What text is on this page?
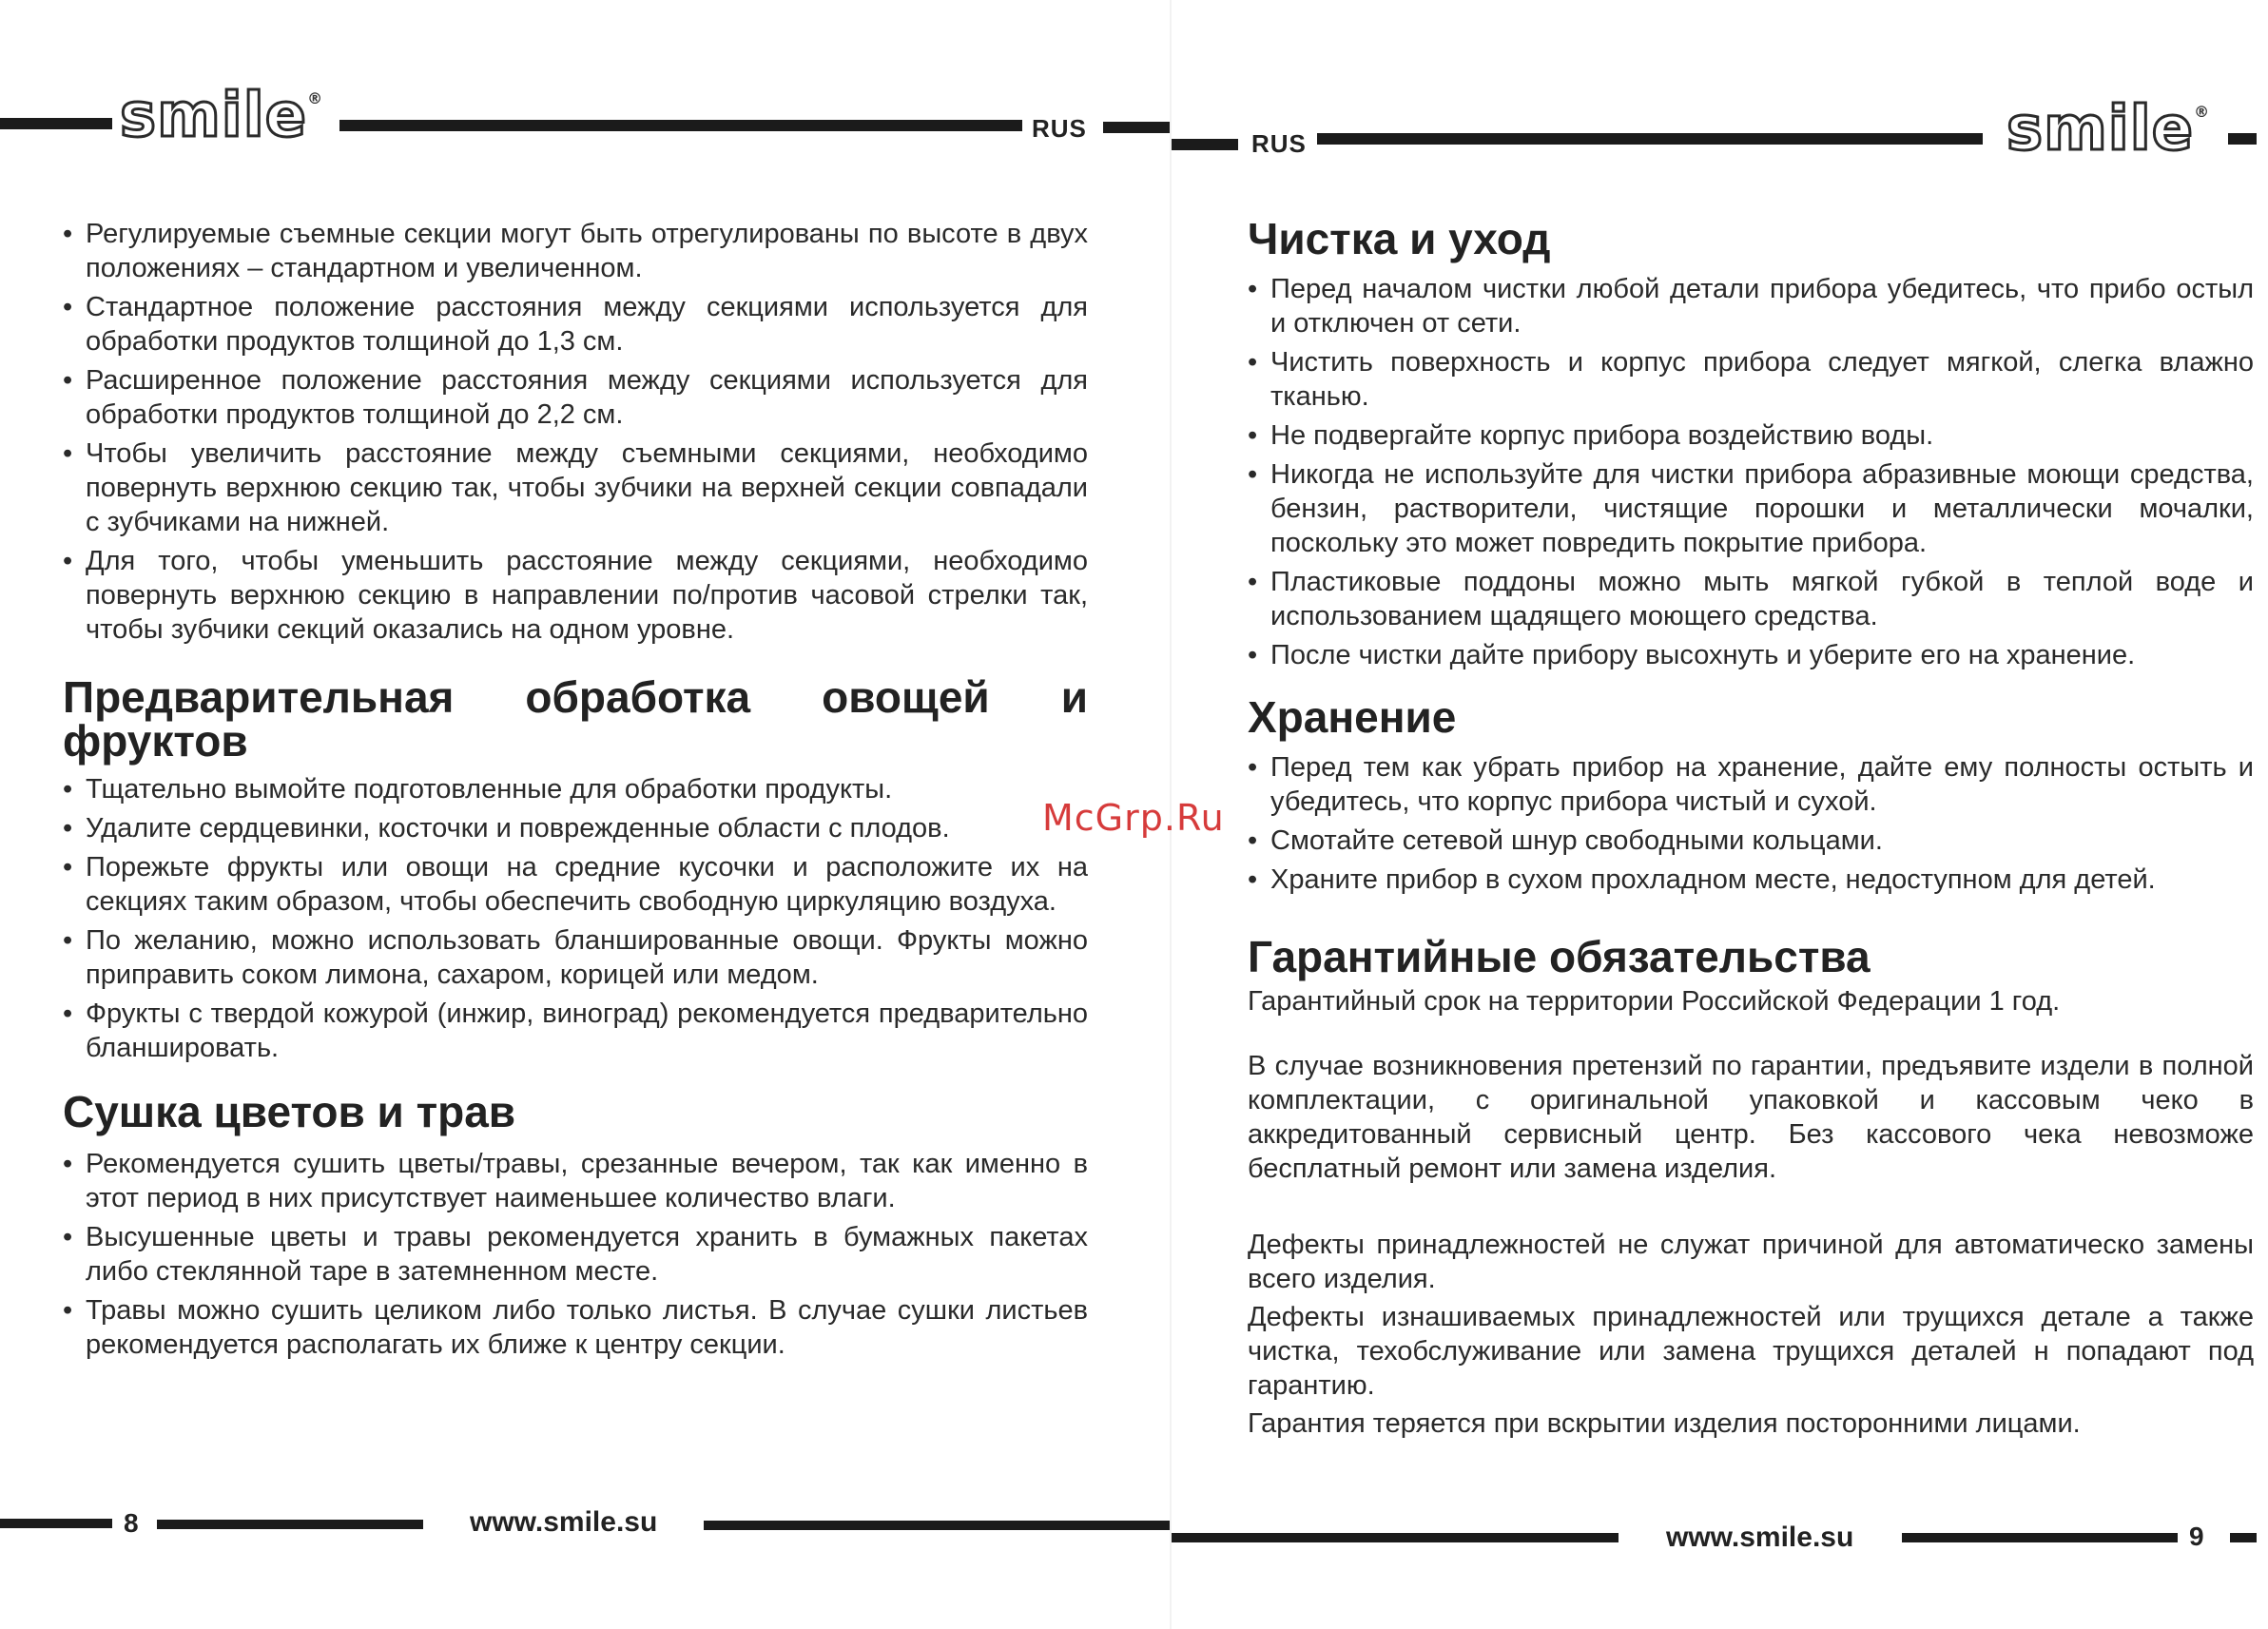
smile®
RUS
RUS	smile®
• Регулируемые съемные секции могут быть отрегулированы по высоте в двух положениях – стандартном и увеличенном.
• Стандартное положение расстояния между секциями используется для обработки продуктов толщиной до 1,3 см.
• Расширенное положение расстояния между секциями используется для обработки продуктов толщиной до 2,2 см.
• Чтобы увеличить расстояние между съемными секциями, необходимо повернуть верхнюю секцию так, чтобы зубчики на верхней секции совпадали с зубчиками на нижней.
• Для того, чтобы уменьшить расстояние между секциями, необходимо повернуть верхнюю секцию в направлении по/против часовой стрелки так, чтобы зубчики секций оказались на одном уровне.
Предварительная обработка овощей и
фруктов
• Тщательно вымойте подготовленные для обработки продукты.
• Удалите сердцевинки, косточки и поврежденные области с плодов.
• Порежьте фрукты или овощи на средние кусочки и расположите их на секциях таким образом, чтобы обеспечить свободную циркуляцию воздуха.
• По желанию, можно использовать бланшированные овощи. Фрукты можно приправить соком лимона, сахаром, корицей или медом.
• Фрукты с твердой кожурой (инжир, виноград) рекомендуется предварительно бланшировать.
Сушка цветов и трав
• Рекомендуется сушить цветы/травы, срезанные вечером, так как именно в этот период в них присутствует наименьшее количество влаги.
• Высушенные цветы и травы рекомендуется хранить в бумажных пакетах либо стеклянной таре в затемненном месте.
• Травы можно сушить целиком либо только листья. В случае сушки листьев рекомендуется располагать их ближе к центру секции.
Чистка и уход
• Перед началом чистки любой детали прибора убедитесь, что прибо остыл и отключен от сети.
• Чистить поверхность и корпус прибора следует мягкой, слегка влажно тканью.
• Не подвергайте корпус прибора воздействию воды.
• Никогда не используйте для чистки прибора абразивные моющи средства, бензин, растворители, чистящие порошки и металлически мочалки, поскольку это может повредить покрытие прибора.
• Пластиковые поддоны можно мыть мягкой губкой в теплой воде и использованием щадящего моющего средства.
• После чистки дайте прибору высохнуть и уберите его на хранение.
Хранение
• Перед тем как убрать прибор на хранение, дайте ему полносты остыть и убедитесь, что корпус прибора чистый и сухой.
• Смотайте сетевой шнур свободными кольцами.
• Храните прибор в сухом прохладном месте, недоступном для детей.
Гарантийные обязательства

Гарантийный срок на территории Российской Федерации 1 год.

В случае возникновения претензий по гарантии, предъявите издели в полной комплектации, с оригинальной упаковкой и кассовым чеко в аккредитованный сервисный центр. Без кассового чека невозможе бесплатный ремонт или замена изделия.

Дефекты принадлежностей не служат причиной для автоматическо замены всего изделия.

Дефекты изнашиваемых принадлежностей или трущихся детале а также чистка, техобслуживание или замена трущихся деталей н попадают под гарантию.

Гарантия теряется при вскрытии изделия посторонними лицами.

McGrp.Ru
8	www.smile.su	www.smile.su	9
